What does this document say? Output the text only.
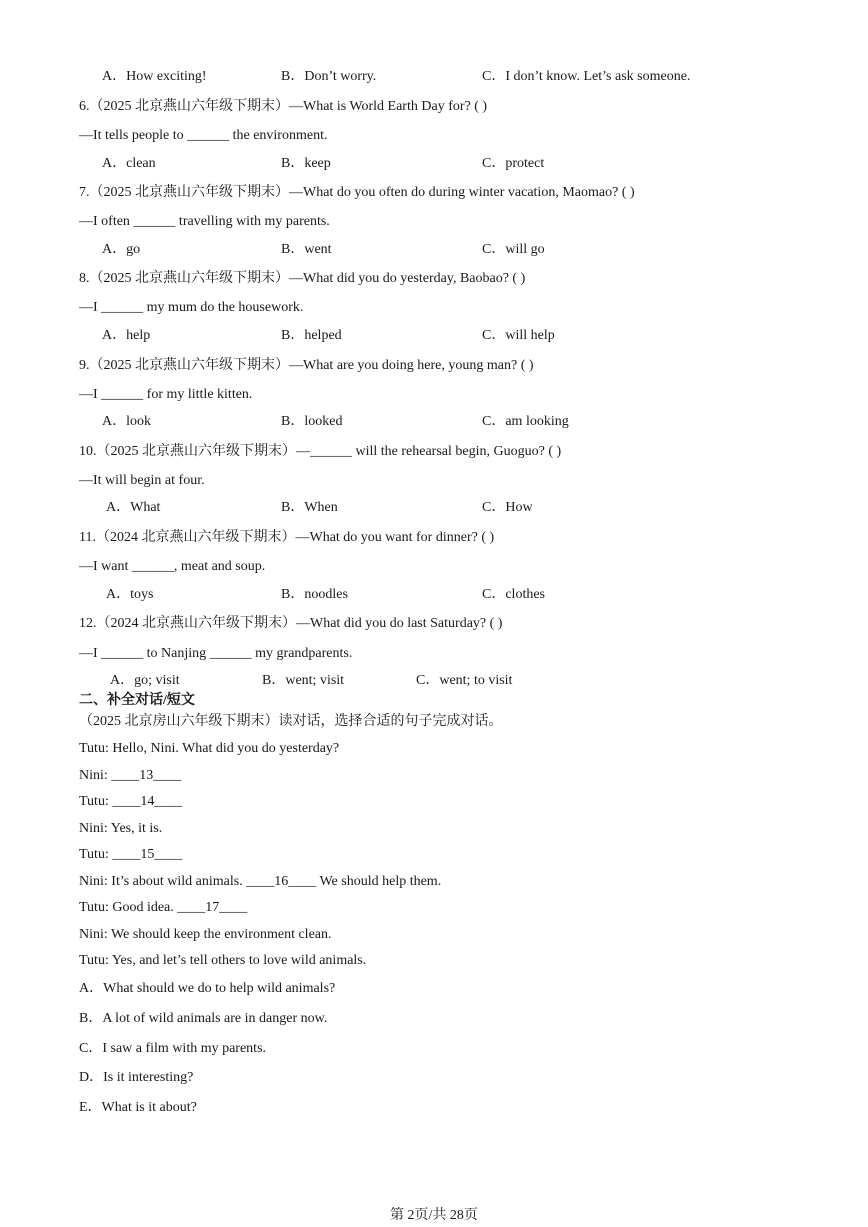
A．How exciting!	B．Don’t worry.	C．I don’t know. Let’s ask someone.
6.（2025 北京燕山六年级下期末）—What is World Earth Day for? ( )
—It tells people to ______ the environment.
A．clean	B．keep	C．protect
7.（2025 北京燕山六年级下期末）—What do you often do during winter vacation, Maomao? ( )
—I often ______ travelling with my parents.
A．go	B．went	C．will go
8.（2025 北京燕山六年级下期末）—What did you do yesterday, Baobao? ( )
—I ______ my mum do the housework.
A．help	B．helped	C．will help
9.（2025 北京燕山六年级下期末）—What are you doing here, young man? ( )
—I ______ for my little kitten.
A．look	B．looked	C．am looking
10.（2025 北京燕山六年级下期末）—______ will the rehearsal begin, Guoguo? ( )
—It will begin at four.
A．What	B．When	C．How
11.（2024 北京燕山六年级下期末）—What do you want for dinner? ( )
—I want ______, meat and soup.
A．toys	B．noodles	C．clothes
12.（2024 北京燕山六年级下期末）—What did you do last Saturday? ( )
—I ______ to Nanjing ______ my grandparents.
A．go; visit	B．went; visit	C．went; to visit
二、补全对话/短文
（2025 北京房山六年级下期末）读对话，选择合适的句子完成对话。
Tutu: Hello, Nini. What did you do yesterday?
Nini: ____13____
Tutu: ____14____
Nini: Yes, it is.
Tutu: ____15____
Nini: It’s about wild animals. ____16____ We should help them.
Tutu: Good idea. ____17____
Nini: We should keep the environment clean.
Tutu: Yes, and let’s tell others to love wild animals.
A．What should we do to help wild animals?
B．A lot of wild animals are in danger now.
C．I saw a film with my parents.
D．Is it interesting?
E．What is it about?
第 2页/共 28页
